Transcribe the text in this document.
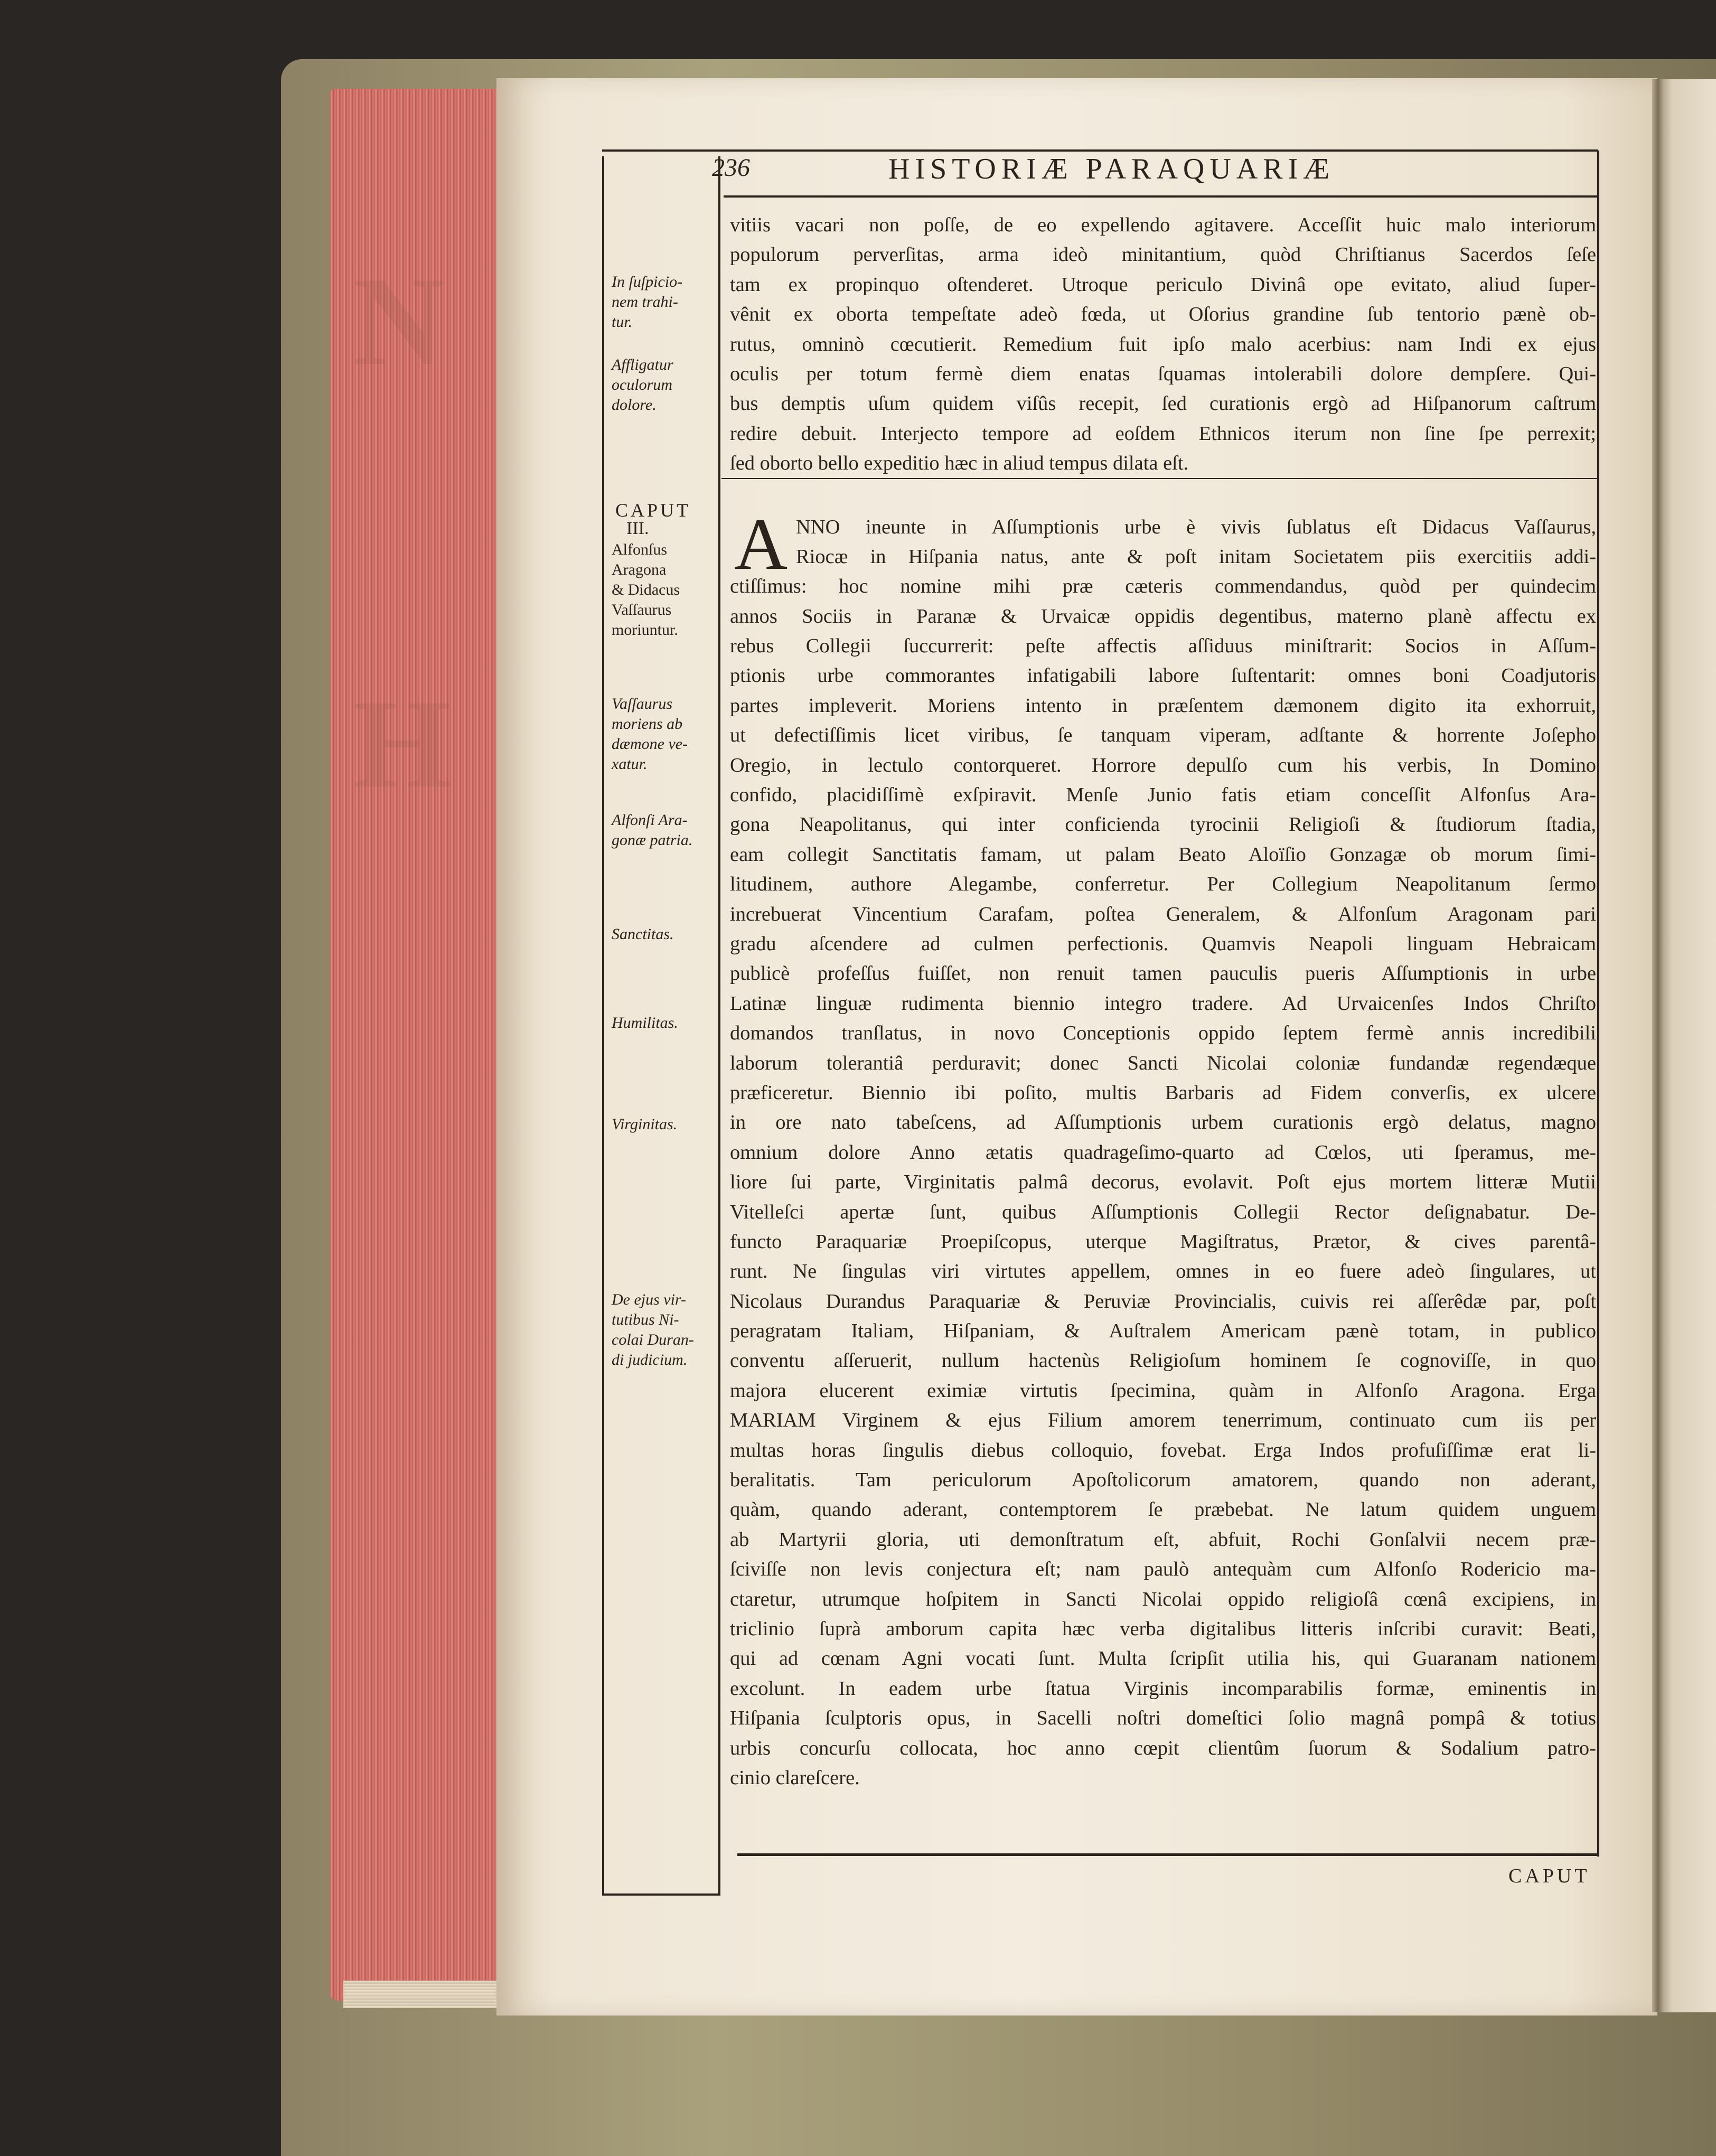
N
H
236	HISTORIÆ PARAQUARIÆ
In ſuſpicio-
nem trahi-
tur.
Affligatur
oculorum
dolore.
CAPUT
III.
Alfonſus
Aragona
& Didacus
Vaſſaurus
moriuntur.
Vaſſaurus
moriens ab
dæmone ve-
xatur.
Alfonſi Ara-
gonæ patria.
Sanctitas.
Humilitas.
Virginitas.
De ejus vir-
tutibus Ni-
colai Duran-
di judicium.
A
vitiis vacari non poſſe, de eo expellendo agitavere. Acceſſit huic malo interiorum
populorum perverſitas, arma ideò minitantium, quòd Chriſtianus Sacerdos ſeſe
tam ex propinquo oſtenderet. Utroque periculo Divinâ ope evitato, aliud ſuper-
vênit ex oborta tempeſtate adeò fœda, ut Oſorius grandine ſub tentorio pænè ob-
rutus, omninò cœcutierit. Remedium fuit ipſo malo acerbius: nam Indi ex ejus
oculis per totum fermè diem enatas ſquamas intolerabili dolore dempſere. Qui-
bus demptis uſum quidem viſûs recepit, ſed curationis ergò ad Hiſpanorum caſtrum
redire debuit. Interjecto tempore ad eoſdem Ethnicos iterum non ſine ſpe perrexit;
ſed oborto bello expeditio hæc in aliud tempus dilata eſt.
NNO ineunte in Aſſumptionis urbe è vivis ſublatus eſt Didacus Vaſſaurus,
Riocæ in Hiſpania natus, ante & poſt initam Societatem piis exercitiis addi-
ctiſſimus: hoc nomine mihi præ cæteris commendandus, quòd per quindecim
annos Sociis in Paranæ & Urvaicæ oppidis degentibus, materno planè affectu ex
rebus Collegii ſuccurrerit: peſte affectis aſſiduus miniſtrarit: Socios in Aſſum-
ptionis urbe commorantes infatigabili labore ſuſtentarit: omnes boni Coadjutoris
partes impleverit. Moriens intento in præſentem dæmonem digito ita exhorruit,
ut defectiſſimis licet viribus, ſe tanquam viperam, adſtante & horrente Joſepho
Oregio, in lectulo contorqueret. Horrore depulſo cum his verbis, In Domino
confido, placidiſſimè exſpiravit. Menſe Junio fatis etiam conceſſit Alfonſus Ara-
gona Neapolitanus, qui inter conficienda tyrocinii Religioſi & ſtudiorum ſtadia,
eam collegit Sanctitatis famam, ut palam Beato Aloïſio Gonzagæ ob morum ſimi-
litudinem, authore Alegambe, conferretur. Per Collegium Neapolitanum ſermo
increbuerat Vincentium Carafam, poſtea Generalem, & Alfonſum Aragonam pari
gradu aſcendere ad culmen perfectionis. Quamvis Neapoli linguam Hebraicam
publicè profeſſus fuiſſet, non renuit tamen pauculis pueris Aſſumptionis in urbe
Latinæ linguæ rudimenta biennio integro tradere. Ad Urvaicenſes Indos Chriſto
domandos tranſlatus, in novo Conceptionis oppido ſeptem fermè annis incredibili
laborum tolerantiâ perduravit; donec Sancti Nicolai coloniæ fundandæ regendæque
præficeretur. Biennio ibi poſito, multis Barbaris ad Fidem converſis, ex ulcere
in ore nato tabeſcens, ad Aſſumptionis urbem curationis ergò delatus, magno
omnium dolore Anno ætatis quadrageſimo-quarto ad Cœlos, uti ſperamus, me-
liore ſui parte, Virginitatis palmâ decorus, evolavit. Poſt ejus mortem litteræ Mutii
Vitelleſci apertæ ſunt, quibus Aſſumptionis Collegii Rector deſignabatur. De-
functo Paraquariæ Proepiſcopus, uterque Magiſtratus, Prætor, & cives parentâ-
runt. Ne ſingulas viri virtutes appellem, omnes in eo fuere adeò ſingulares, ut
Nicolaus Durandus Paraquariæ & Peruviæ Provincialis, cuivis rei aſſerêdæ par, poſt
peragratam Italiam, Hiſpaniam, & Auſtralem Americam pænè totam, in publico
conventu aſſeruerit, nullum hactenùs Religioſum hominem ſe cognoviſſe, in quo
majora elucerent eximiæ virtutis ſpecimina, quàm in Alfonſo Aragona. Erga
MARIAM Virginem & ejus Filium amorem tenerrimum, continuato cum iis per
multas horas ſingulis diebus colloquio, fovebat. Erga Indos profuſiſſimæ erat li-
beralitatis. Tam periculorum Apoſtolicorum amatorem, quando non aderant,
quàm, quando aderant, contemptorem ſe præbebat. Ne latum quidem unguem
ab Martyrii gloria, uti demonſtratum eſt, abfuit, Rochi Gonſalvii necem præ-
ſciviſſe non levis conjectura eſt; nam paulò antequàm cum Alfonſo Rodericio ma-
ctaretur, utrumque hoſpitem in Sancti Nicolai oppido religioſâ cœnâ excipiens, in
triclinio ſuprà amborum capita hæc verba digitalibus litteris inſcribi curavit: Beati,
qui ad cœnam Agni vocati ſunt. Multa ſcripſit utilia his, qui Guaranam nationem
excolunt. In eadem urbe ſtatua Virginis incomparabilis formæ, eminentis in
Hiſpania ſculptoris opus, in Sacelli noſtri domeſtici ſolio magnâ pompâ & totius
urbis concurſu collocata, hoc anno cœpit clientûm ſuorum & Sodalium patro-
cinio clareſcere.
CAPUT
